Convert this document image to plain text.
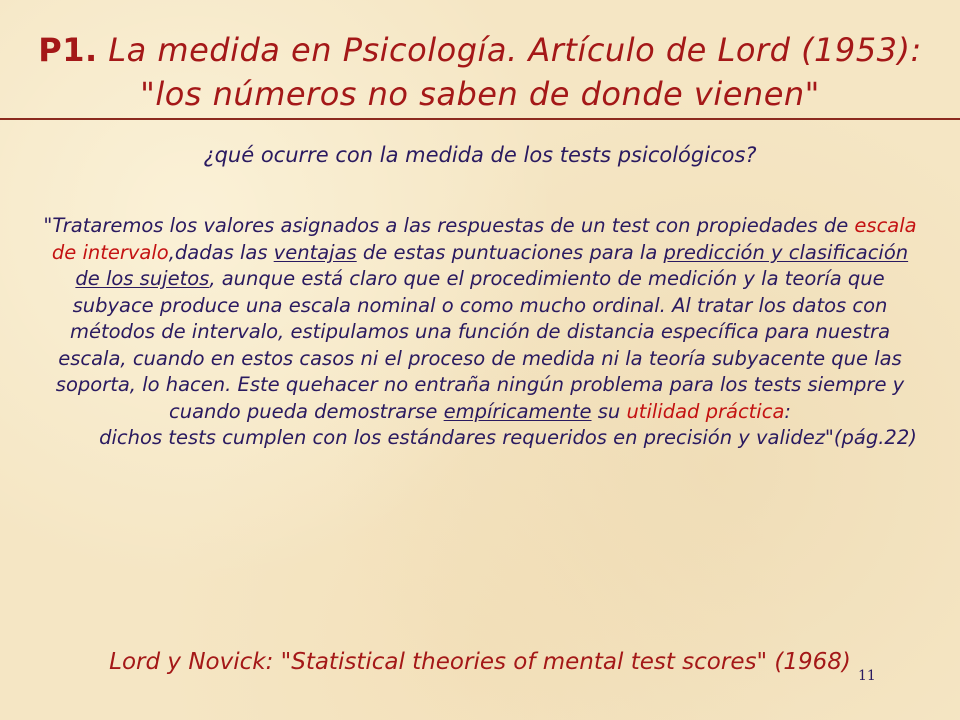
P1. La medida en Psicología. Artículo de Lord (1953):
"los números no saben de donde vienen"

¿qué ocurre con la medida de los tests psicológicos?

"Trataremos los valores asignados a las respuestas de un test con propiedades de escala de intervalo,dadas las ventajas de estas puntuaciones para la predicción y clasificación de los sujetos, aunque está claro que el procedimiento de medición y la teoría que subyace produce una escala nominal o como mucho ordinal. Al tratar los datos con métodos de intervalo, estipulamos una función de distancia específica para nuestra escala, cuando en estos casos ni el proceso de medida ni la teoría subyacente que las soporta, lo hacen. Este quehacer no entraña ningún problema para los tests siempre y cuando pueda demostrarse empíricamente su utilidad práctica:
dichos tests cumplen con los estándares requeridos en precisión y validez"(pág.22)

Lord y Novick: "Statistical theories of mental test scores" (1968)

11
